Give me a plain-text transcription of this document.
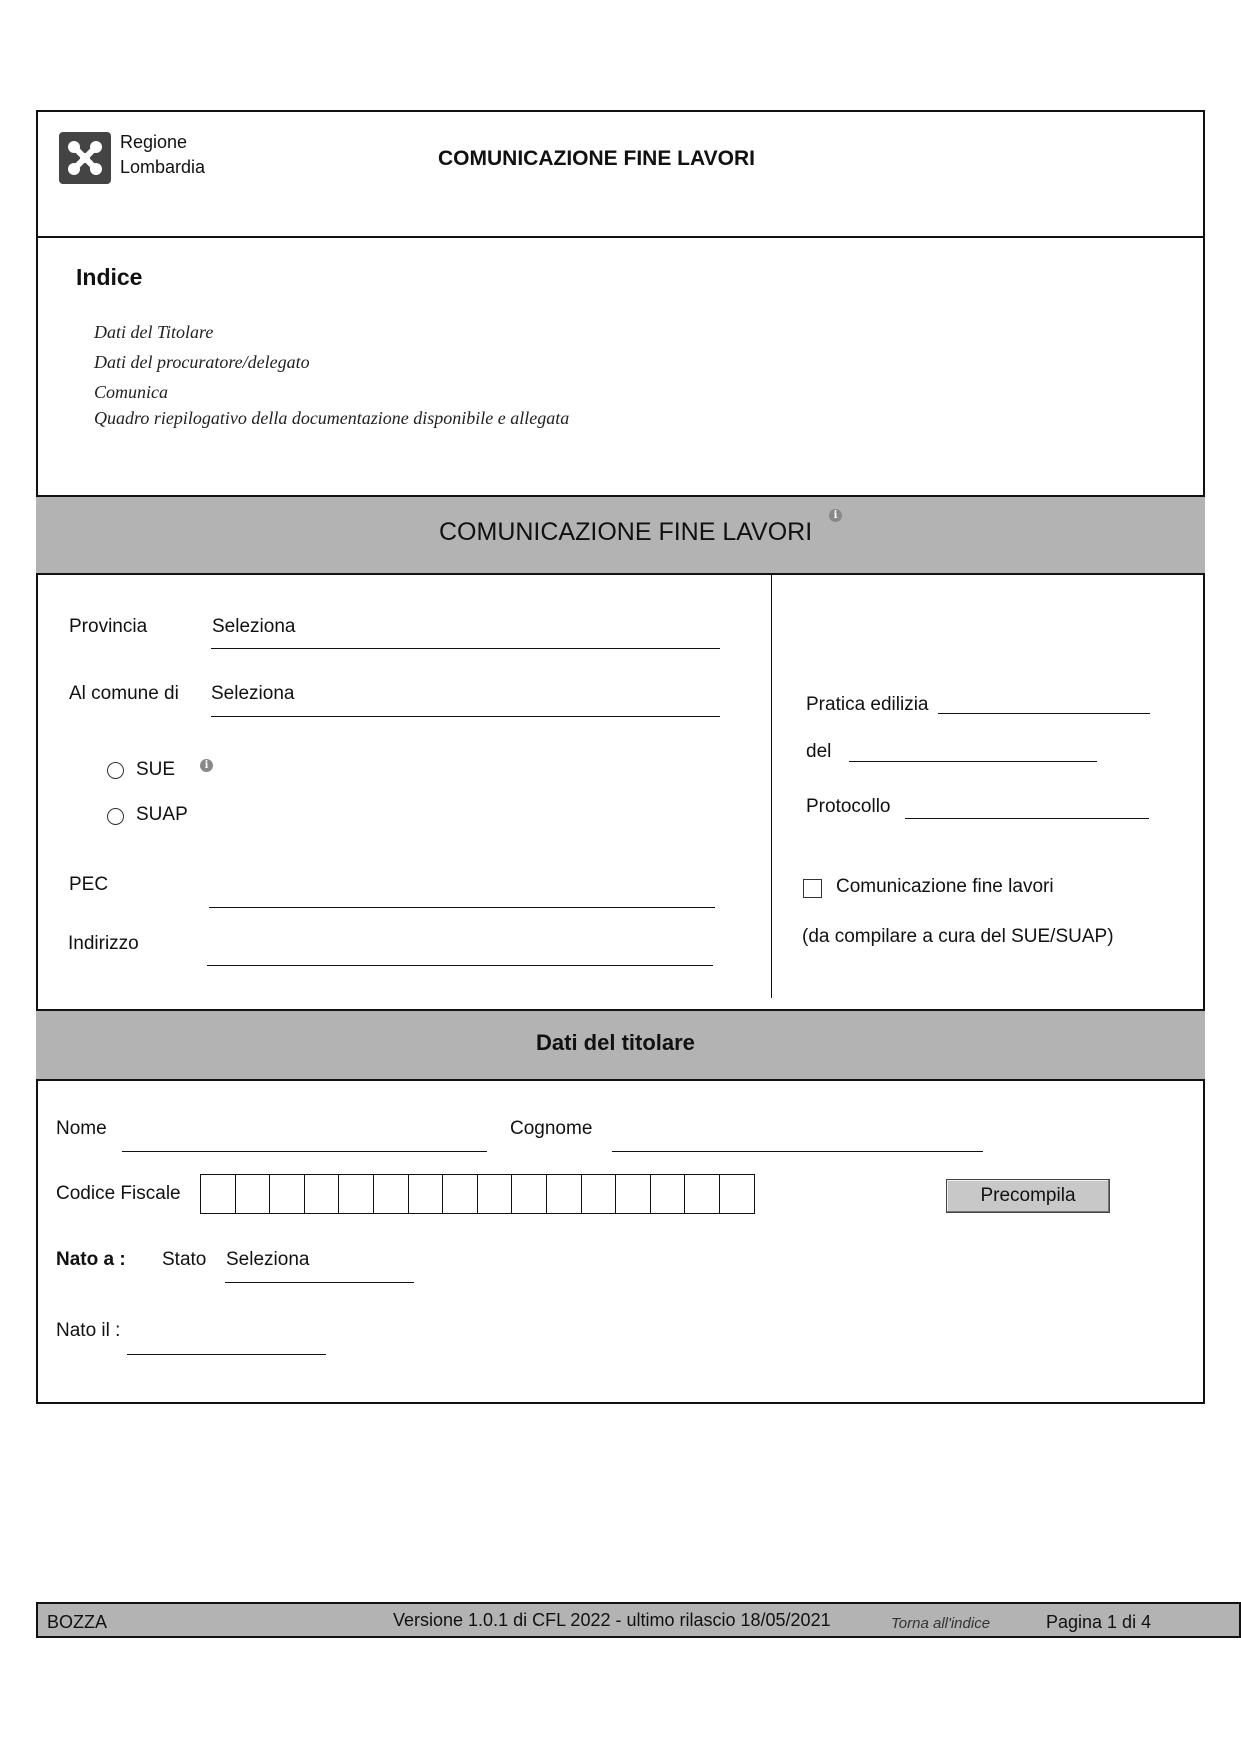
Regione
Lombardia	COMUNICAZIONE FINE LAVORI
Indice
Dati del Titolare
Dati del procuratore/delegato
Comunica
Quadro riepilogativo della documentazione disponibile e allegata
COMUNICAZIONE FINE LAVORI
i
Provincia	Seleziona
Al comune di Seleziona
SUE	i
SUAP
PEC
Indirizzo
Pratica edilizia
del
Protocollo
Comunicazione fine lavori
(da compilare a cura del SUE/SUAP)
Dati del titolare
Nome	Cognome
Codice Fiscale	Precompila
Nato a : Stato Seleziona
Nato il :
BOZZA	Versione 1.0.1 di CFL 2022 - ultimo rilascio 18/05/2021	Torna all'indice	Pagina 1 di 4
